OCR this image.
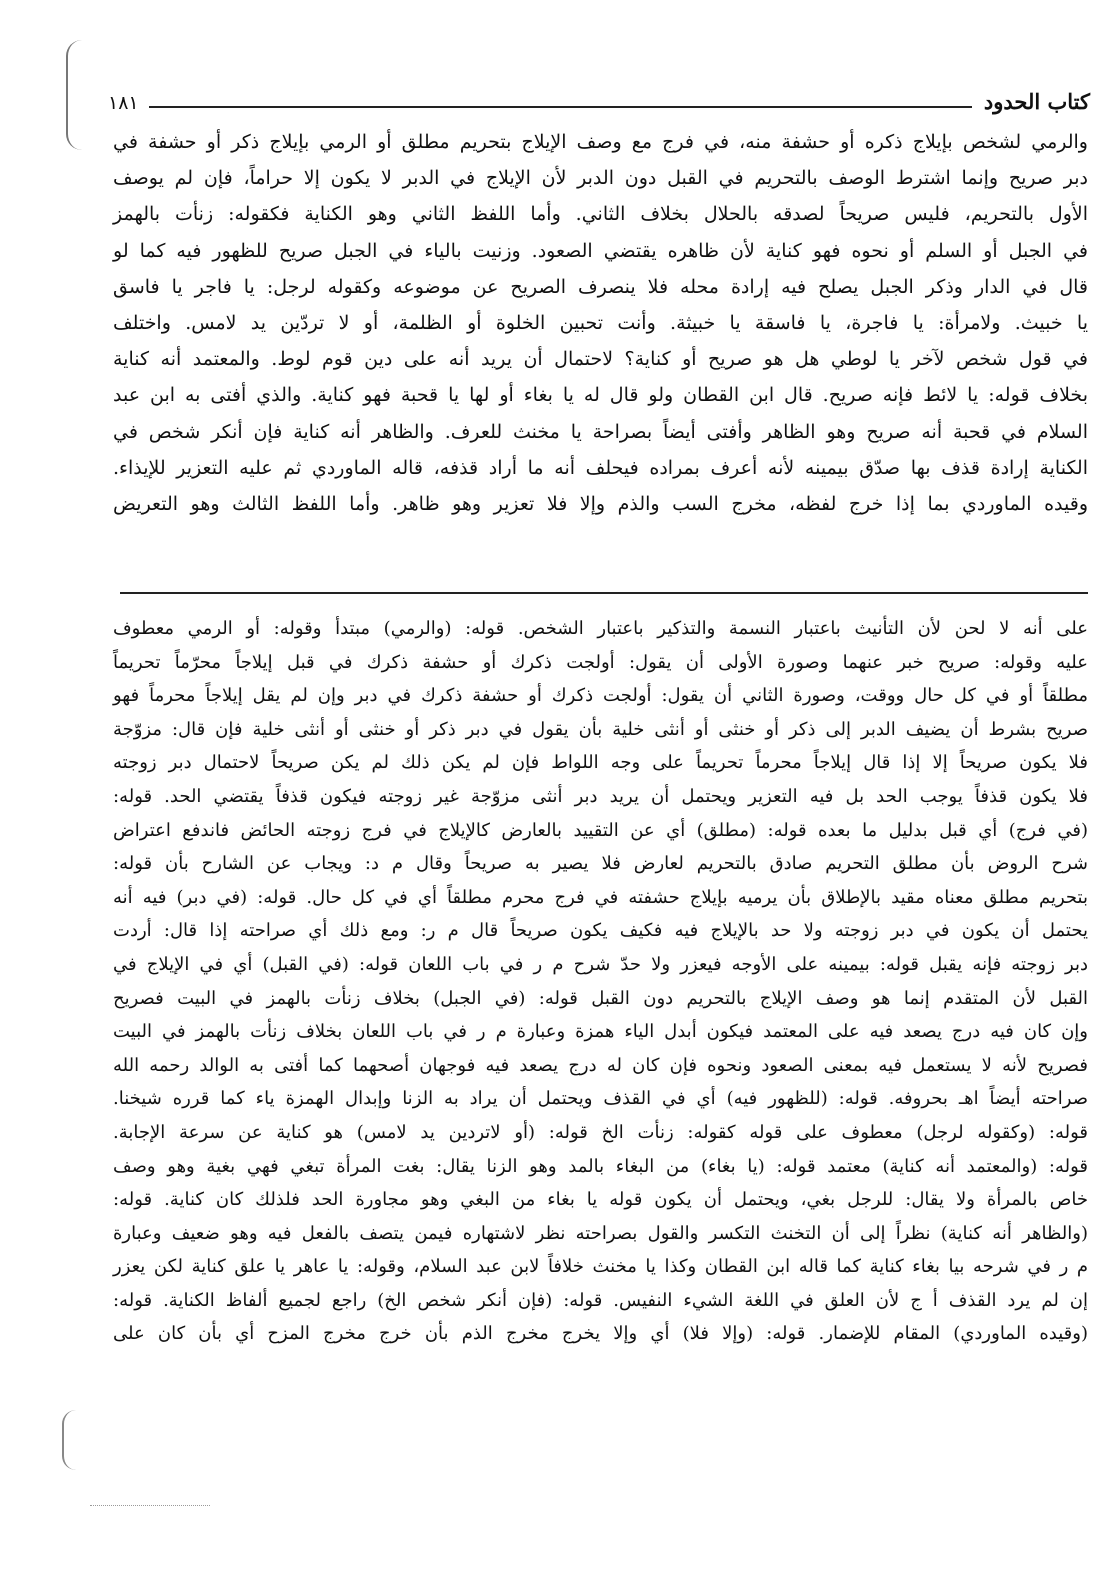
كتاب الحدود
١٨١
والرمي لشخص بإيلاج ذكره أو حشفة منه، في فرج مع وصف الإيلاج بتحريم مطلق أو الرمي بإيلاج ذكر أو حشفة في
دبر صريح وإنما اشترط الوصف بالتحريم في القبل دون الدبر لأن الإيلاج في الدبر لا يكون إلا حراماً، فإن لم يوصف
الأول بالتحريم، فليس صريحاً لصدقه بالحلال بخلاف الثاني. وأما اللفظ الثاني وهو الكناية فكقوله: زنأت بالهمز
في الجبل أو السلم أو نحوه فهو كناية لأن ظاهره يقتضي الصعود. وزنيت بالياء في الجبل صريح للظهور فيه كما لو
قال في الدار وذكر الجبل يصلح فيه إرادة محله فلا ينصرف الصريح عن موضوعه وكقوله لرجل: يا فاجر يا فاسق
يا خبيث. ولامرأة: يا فاجرة، يا فاسقة يا خبيثة. وأنت تحبين الخلوة أو الظلمة، أو لا تردّين يد لامس. واختلف
في قول شخص لآخر يا لوطي هل هو صريح أو كناية؟ لاحتمال أن يريد أنه على دين قوم لوط. والمعتمد أنه كناية
بخلاف قوله: يا لائط فإنه صريح. قال ابن القطان ولو قال له يا بغاء أو لها يا قحبة فهو كناية. والذي أفتى به ابن عبد
السلام في قحبة أنه صريح وهو الظاهر وأفتى أيضاً بصراحة يا مخنث للعرف. والظاهر أنه كناية فإن أنكر شخص في
الكناية إرادة قذف بها صدّق بيمينه لأنه أعرف بمراده فيحلف أنه ما أراد قذفه، قاله الماوردي ثم عليه التعزير للإيذاء.
وقيده الماوردي بما إذا خرج لفظه، مخرج السب والذم وإلا فلا تعزير وهو ظاهر. وأما اللفظ الثالث وهو التعريض
على أنه لا لحن لأن التأنيث باعتبار النسمة والتذكير باعتبار الشخص. قوله: (والرمي) مبتدأ وقوله: أو الرمي معطوف
عليه وقوله: صريح خبر عنهما وصورة الأولى أن يقول: أولجت ذكرك أو حشفة ذكرك في قبل إيلاجاً محرّماً تحريماً
مطلقاً أو في كل حال ووقت، وصورة الثاني أن يقول: أولجت ذكرك أو حشفة ذكرك في دبر وإن لم يقل إيلاجاً محرماً فهو
صريح بشرط أن يضيف الدبر إلى ذكر أو خنثى أو أنثى خلية بأن يقول في دبر ذكر أو خنثى أو أنثى خلية فإن قال: مزوّجة
فلا يكون صريحاً إلا إذا قال إيلاجاً محرماً تحريماً على وجه اللواط فإن لم يكن ذلك لم يكن صريحاً لاحتمال دبر زوجته
فلا يكون قذفاً يوجب الحد بل فيه التعزير ويحتمل أن يريد دبر أنثى مزوّجة غير زوجته فيكون قذفاً يقتضي الحد. قوله:
(في فرج) أي قبل بدليل ما بعده قوله: (مطلق) أي عن التقييد بالعارض كالإيلاج في فرج زوجته الحائض فاندفع اعتراض
شرح الروض بأن مطلق التحريم صادق بالتحريم لعارض فلا يصير به صريحاً وقال م د: ويجاب عن الشارح بأن قوله:
بتحريم مطلق معناه مقيد بالإطلاق بأن يرميه بإيلاج حشفته في فرج محرم مطلقاً أي في كل حال. قوله: (في دبر) فيه أنه
يحتمل أن يكون في دبر زوجته ولا حد بالإيلاج فيه فكيف يكون صريحاً قال م ر: ومع ذلك أي صراحته إذا قال: أردت
دبر زوجته فإنه يقبل قوله: بيمينه على الأوجه فيعزر ولا حدّ شرح م ر في باب اللعان قوله: (في القبل) أي في الإيلاج في
القبل لأن المتقدم إنما هو وصف الإيلاج بالتحريم دون القبل قوله: (في الجبل) بخلاف زنأت بالهمز في البيت فصريح
وإن كان فيه درج يصعد فيه على المعتمد فيكون أبدل الياء همزة وعبارة م ر في باب اللعان بخلاف زنأت بالهمز في البيت
فصريح لأنه لا يستعمل فيه بمعنى الصعود ونحوه فإن كان له درج يصعد فيه فوجهان أصحهما كما أفتى به الوالد رحمه الله
صراحته أيضاً اهـ بحروفه. قوله: (للظهور فيه) أي في القذف ويحتمل أن يراد به الزنا وإبدال الهمزة ياء كما قرره شيخنا.
قوله: (وكقوله لرجل) معطوف على قوله كقوله: زنأت الخ قوله: (أو لاتردين يد لامس) هو كناية عن سرعة الإجابة.
قوله: (والمعتمد أنه كناية) معتمد قوله: (يا بغاء) من البغاء بالمد وهو الزنا يقال: بغت المرأة تبغي فهي بغية وهو وصف
خاص بالمرأة ولا يقال: للرجل بغي، ويحتمل أن يكون قوله يا بغاء من البغي وهو مجاورة الحد فلذلك كان كناية. قوله:
(والظاهر أنه كناية) نظراً إلى أن التخنث التكسر والقول بصراحته نظر لاشتهاره فيمن يتصف بالفعل فيه وهو ضعيف وعبارة
م ر في شرحه بيا بغاء كناية كما قاله ابن القطان وكذا يا مخنث خلافاً لابن عبد السلام، وقوله: يا عاهر يا علق كناية لكن يعزر
إن لم يرد القذف أ ج لأن العلق في اللغة الشيء النفيس. قوله: (فإن أنكر شخص الخ) راجع لجميع ألفاظ الكناية. قوله:
(وقيده الماوردي) المقام للإضمار. قوله: (وإلا فلا) أي وإلا يخرج مخرج الذم بأن خرج مخرج المزح أي بأن كان على
